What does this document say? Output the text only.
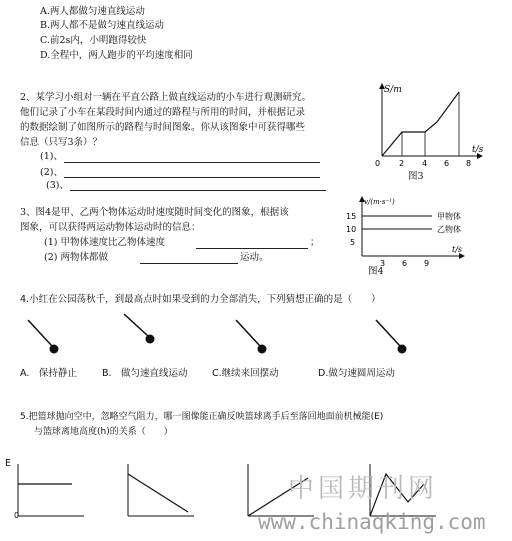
A.两人都做匀速直线运动
B.两人都不是做匀速直线运动
C.前2s内，小明跑得较快
D.全程中，两人跑步的平均速度相同
2、某学习小组对一辆在平直公路上做直线运动的小车进行观测研究。
他们记录了小车在某段时间内通过的路程与所用的时间，并根据记录
的数据绘制了如图所示的路程与时间图象。你从该图象中可获得哪些
信息（只写3条）？
(1)、
(2)、
(3)、
S/m
t/s
0 2 4 6 8
图3
3、图4是甲、乙两个物体运动时速度随时间变化的图象，根据该
图象，可以获得两运动物体运动时的信息：
(1) 甲物体速度比乙物体速度	；
(2) 两物体都做	运动。
v/(m·s⁻¹)
15
10
5
3 6 9
t/s
甲物体
乙物体
图4
4.小红在公园荡秋千，到最高点时如果受到的力全部消失，下列猜想正确的是（　　）
A.　保持静止	B.　做匀速直线运动	C.继续来回摆动	D.做匀速圆周运动
5.把篮球抛向空中，忽略空气阻力，哪一图像能正确反映篮球离手后至落回地面前机械能(E)
与篮球离地高度(h)的关系（　　）
E
0
中国期刊网
www.chinaqking.com
